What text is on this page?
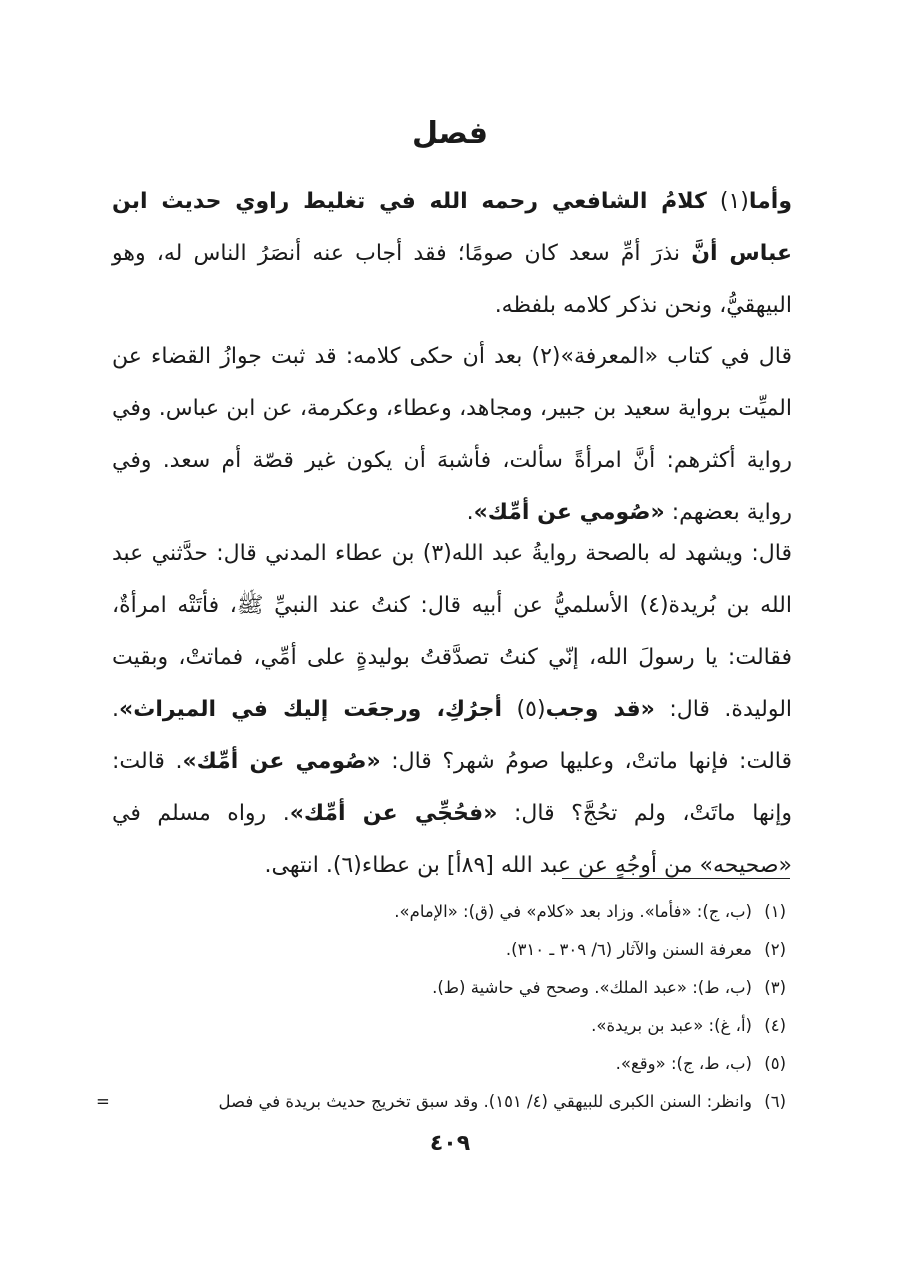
فصل

وأما(١) كلامُ الشافعي رحمه الله في تغليط راوي حديث ابن عباس أنَّ نذرَ أمِّ سعد كان صومًا؛ فقد أجاب عنه أنصَرُ الناس له، وهو البيهقيُّ، ونحن نذكر كلامه بلفظه.

قال في كتاب «المعرفة»(٢) بعد أن حكى كلامه: قد ثبت جوازُ القضاء عن الميِّت برواية سعيد بن جبير، ومجاهد، وعطاء، وعكرمة، عن ابن عباس. وفي رواية أكثرهم: أنَّ امرأةً سألت، فأشبهَ أن يكون غير قصّة أم سعد. وفي رواية بعضهم: «صُومي عن أمِّك».

قال: ويشهد له بالصحة روايةُ عبد الله(٣) بن عطاء المدني قال: حدَّثني عبد الله بن بُريدة(٤) الأسلميُّ عن أبيه قال: كنتُ عند النبيِّ ﷺ، فأتَتْه امرأةٌ، فقالت: يا رسولَ الله، إنّي كنتُ تصدَّقتُ بوليدةٍ على أمِّي، فماتتْ، وبقيت الوليدة. قال: «قد وجب(٥) أجرُكِ، ورجعَت إليك في الميراث». قالت: فإنها ماتتْ، وعليها صومُ شهر؟ قال: «صُومي عن أمِّك». قالت: وإنها ماتَتْ، ولم تحُجَّ؟ قال: «فحُجِّي عن أمِّك». رواه مسلم في «صحيحه» من أوجُهٍ عن عبد الله [٨٩أ] بن عطاء(٦). انتهى.

(١)
(ب، ج): «فأما». وزاد بعد «كلام» في (ق): «الإمام».
(٢)
معرفة السنن والآثار (٦/ ٣٠٩ ـ ٣١٠).
(٣)
(ب، ط): «عبد الملك». وصحح في حاشية (ط).
(٤)
(أ، غ): «عبد بن بريدة».
(٥)
(ب، ط، ج): «وقع».
(٦)
وانظر: السنن الكبرى للبيهقي (٤/ ١٥١). وقد سبق تخريج حديث بريدة في فصل
=
٤٠٩
